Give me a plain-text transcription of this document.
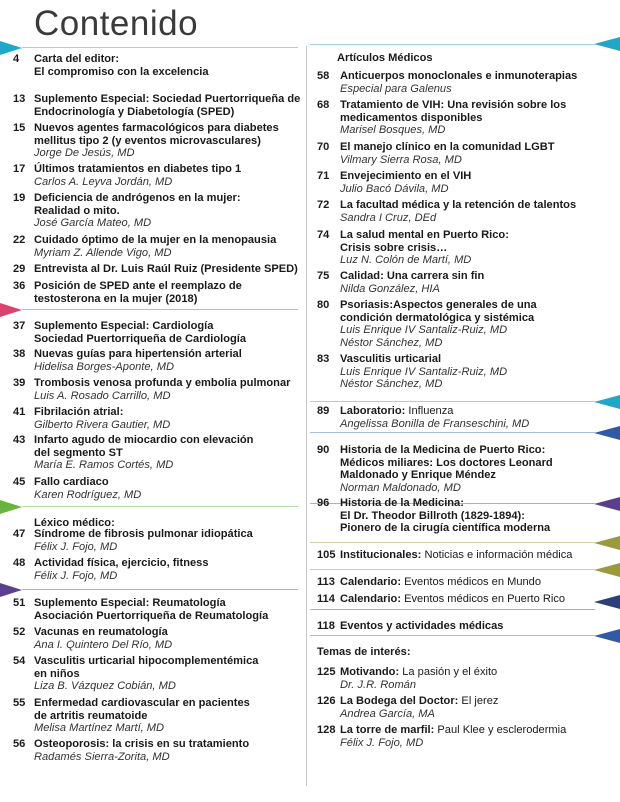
Contenido
4 Carta del editor:
El compromiso con la excelencia

13 Suplemento Especial: Sociedad Puertorriqueña de
Endocrinología y Diabetología (SPED)

15 Nuevos agentes farmacológicos para diabetes
mellitus tipo 2 (y eventos microvasculares)

Jorge De Jesús, MD
17 Últimos tratamientos en diabetes tipo 1

Carlos A. Leyva Jordán, MD
19 Deficiencia de andrógenos en la mujer:
Realidad o mito.

José García Mateo, MD
22 Cuidado óptimo de la mujer en la menopausia

Myriam Z. Allende Vigo, MD
29 Entrevista al Dr. Luis Raúl Ruiz (Presidente SPED)

36 Posición de SPED ante el reemplazo de
testosterona en la mujer (2018)

37 Suplemento Especial: Cardiología
Sociedad Puertorriqueña de Cardiología

38 Nuevas guías para hipertensión arterial

Hidelisa Borges-Aponte, MD
39 Trombosis venosa profunda y embolia pulmonar

Luis A. Rosado Carrillo, MD
41 Fibrilación atrial:

Gilberto Rivera Gautier, MD
43 Infarto agudo de miocardio con elevación
del segmento ST

María E. Ramos Cortés, MD
45 Fallo cardiaco

Karen Rodríguez, MD
Léxico médico:

47 Síndrome de fibrosis pulmonar idiopática

Félix J. Fojo, MD
48 Actividad física, ejercicio, fitness

Félix J. Fojo, MD
51 Suplemento Especial: Reumatología
Asociación Puertorriqueña de Reumatología

52 Vacunas en reumatología

Ana I. Quintero Del Río, MD
54 Vasculitis urticarial hipocomplementémica
en niños

Liza B. Vázquez Cobián, MD
55 Enfermedad cardiovascular en pacientes
de artritis reumatoide

Melisa Martínez Martí, MD
56 Osteoporosis: la crisis en su tratamiento

Radamés Sierra-Zorita, MD
Artículos Médicos
Temas de interés:
58 Anticuerpos monoclonales e inmunoterapias

Especial para Galenus
68 Tratamiento de VIH: Una revisión sobre los
medicamentos disponibles

Marisel Bosques, MD
70 El manejo clínico en la comunidad LGBT

Vilmary Sierra Rosa, MD
71 Envejecimiento en el VIH

Julio Bacó Dávila, MD
72 La facultad médica y la retención de talentos

Sandra I Cruz, DEd
74 La salud mental en Puerto Rico:
Crisis sobre crisis…

Luz N. Colón de Martí, MD
75 Calidad: Una carrera sin fin

Nilda González, HIA
80 Psoriasis:Aspectos generales de una
condición dermatológica y sistémica

Luis Enrique IV Santaliz-Ruiz, MD
Néstor Sánchez, MD
83 Vasculitis urticarial

Luis Enrique IV Santaliz-Ruiz, MD
Néstor Sánchez, MD
89 Laboratorio: Influenza

Angelissa Bonilla de Franseschini, MD
90 Historia de la Medicina de Puerto Rico:
Médicos miliares: Los doctores Leonard
Maldonado y Enrique Méndez

Norman Maldonado, MD
96 Historia de la Medicina:
El Dr. Theodor Billroth (1829-1894):
Pionero de la cirugía científica moderna

105 Institucionales: Noticias e información médica

113 Calendario: Eventos médicos en Mundo

114 Calendario: Eventos médicos en Puerto Rico

118 Eventos y actividades médicas

125 Motivando: La pasión y el éxito

Dr. J.R. Román
126 La Bodega del Doctor: El jerez

Andrea García, MA
128 La torre de marfil: Paul Klee y esclerodermia

Félix J. Fojo, MD
